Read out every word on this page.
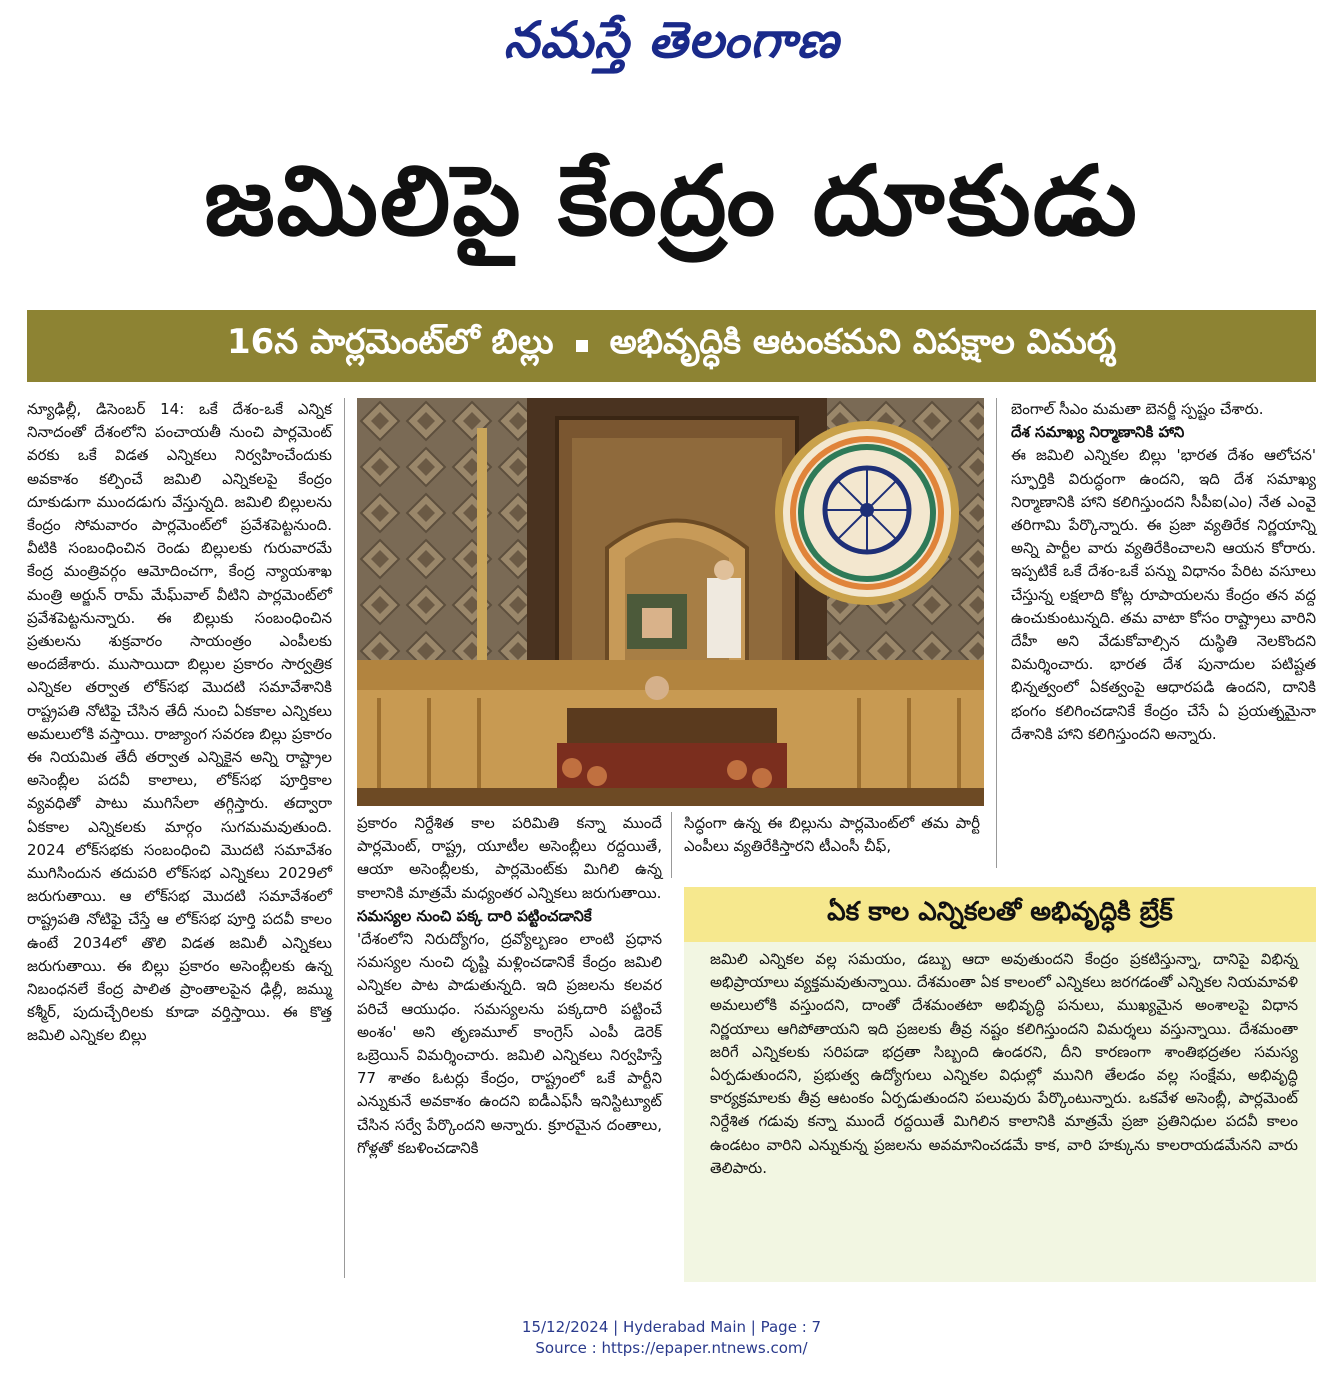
నమస్తే తెలంగాణ
జమిలిపై కేంద్రం దూకుడు
16న పార్లమెంట్‌లో బిల్లు అభివృద్ధికి ఆటంకమని విపక్షాల విమర్శ

న్యూఢిల్లీ, డిసెంబర్ 14: ఒకే దేశం-ఒకే ఎన్నిక నినాదంతో దేశంలోని పంచాయతీ నుంచి పార్లమెంట్ వరకు ఒకే విడత ఎన్నికలు నిర్వహించేందుకు అవకాశం కల్పించే జమిలి ఎన్నికలపై కేంద్రం దూకుడుగా ముందడుగు వేస్తున్నది. జమిలి బిల్లులను కేంద్రం సోమవారం పార్లమెంట్‌లో ప్రవేశపెట్టనుంది. వీటికి సంబంధించిన రెండు బిల్లులకు గురువారమే కేంద్ర మంత్రివర్గం ఆమోదించగా, కేంద్ర న్యాయశాఖ మంత్రి అర్జున్ రామ్ మేఘ్‌వాల్ వీటిని పార్లమెంట్‌లో ప్రవేశపెట్టనున్నారు. ఈ బిల్లుకు సంబంధించిన ప్రతులను శుక్రవారం సాయంత్రం ఎంపీలకు అందజేశారు. ముసాయిదా బిల్లుల ప్రకారం సార్వత్రిక ఎన్నికల తర్వాత లోక్‌సభ మొదటి సమావేశానికి రాష్ట్రపతి నోటిఫై చేసిన తేదీ నుంచి ఏకకాల ఎన్నికలు అమలులోకి వస్తాయి. రాజ్యాంగ సవరణ బిల్లు ప్రకారం ఈ నియమిత తేదీ తర్వాత ఎన్నికైన అన్ని రాష్ట్రాల అసెంబ్లీల పదవీ కాలాలు, లోక్‌సభ పూర్తికాల వ్యవధితో పాటు ముగిసేలా తగ్గిస్తారు. తద్వారా ఏకకాల ఎన్నికలకు మార్గం సుగమమవుతుంది. 2024 లోక్‌సభకు సంబంధించి మొదటి సమావేశం ముగిసిందున తదుపరి లోక్‌సభ ఎన్నికలు 2029లో జరుగుతాయి. ఆ లోక్‌సభ మొదటి సమావేశంలో రాష్ట్రపతి నోటిఫై చేస్తే ఆ లోక్‌సభ పూర్తి పదవీ కాలం ఉంటే 2034లో తొలి విడత జమిలీ ఎన్నికలు జరుగుతాయి. ఈ బిల్లు ప్రకారం అసెంబ్లీలకు ఉన్న నిబంధనలే కేంద్ర పాలిత ప్రాంతాలపైన ఢిల్లీ, జమ్ము కశ్మీర్, పుదుచ్చేరిలకు కూడా వర్తిస్తాయి. ఈ కొత్త జమిలి ఎన్నికల బిల్లు

ప్రకారం నిర్దేశిత కాల పరిమితి కన్నా ముందే పార్లమెంట్, రాష్ట్ర, యూటీల అసెంబ్లీలు రద్దయితే, ఆయా అసెంబ్లీలకు, పార్లమెంట్‌కు మిగిలి ఉన్న కాలానికి మాత్రమే మధ్యంతర ఎన్నికలు జరుగుతాయి.

సమస్యల నుంచి పక్క దారి పట్టించడానికే

'దేశంలోని నిరుద్యోగం, ద్రవ్యోల్బణం లాంటి ప్రధాన సమస్యల నుంచి దృష్టి మళ్లించడానికే కేంద్రం జమిలి ఎన్నికల పాట పాడుతున్నది. ఇది ప్రజలను కలవర పరిచే ఆయుధం. సమస్యలను పక్కదారి పట్టించే అంశం' అని తృణమూల్ కాంగ్రెస్ ఎంపీ డెరెక్ ఒబ్రెయిన్ విమర్శించారు. జమిలి ఎన్నికలు నిర్వహిస్తే 77 శాతం ఓటర్లు కేంద్రం, రాష్ట్రంలో ఒకే పార్టీని ఎన్నుకునే అవకాశం ఉందని ఐడీఎఫ్‌సీ ఇనిస్టిట్యూట్ చేసిన సర్వే పేర్కొందని అన్నారు. క్రూరమైన దంతాలు, గోళ్లతో కబళించడానికి

సిద్ధంగా ఉన్న ఈ బిల్లును పార్లమెంట్‌లో తమ పార్టీ ఎంపీలు వ్యతిరేకిస్తారని టీఎంసీ చీఫ్,

బెంగాల్ సీఎం మమతా బెనర్జీ స్పష్టం చేశారు.

దేశ సమాఖ్య నిర్మాణానికి హాని

ఈ జమిలి ఎన్నికల బిల్లు 'భారత దేశం ఆలోచన' స్ఫూర్తికి విరుద్ధంగా ఉందని, ఇది దేశ సమాఖ్య నిర్మాణానికి హాని కలిగిస్తుందని సీపీఐ(ఎం) నేత ఎంవై తరిగామి పేర్కొన్నారు. ఈ ప్రజా వ్యతిరేక నిర్ణయాన్ని అన్ని పార్టీల వారు వ్యతిరేకించాలని ఆయన కోరారు. ఇప్పటికే ఒకే దేశం-ఒకే పన్ను విధానం పేరిట వసూలు చేస్తున్న లక్షలాది కోట్ల రూపాయలను కేంద్రం తన వద్ద ఉంచుకుంటున్నది. తమ వాటా కోసం రాష్ట్రాలు వారిని దేహీ అని వేడుకోవాల్సిన దుస్థితి నెలకొందని విమర్శించారు. భారత దేశ పునాదుల పటిష్టత భిన్నత్వంలో ఏకత్వంపై ఆధారపడి ఉందని, దానికి భంగం కలిగించడానికే కేంద్రం చేసే ఏ ప్రయత్నమైనా దేశానికి హాని కలిగిస్తుందని అన్నారు.

ఏక కాల ఎన్నికలతో అభివృద్ధికి బ్రేక్
జమిలి ఎన్నికల వల్ల సమయం, డబ్బు ఆదా అవుతుందని కేంద్రం ప్రకటిస్తున్నా, దానిపై విభిన్న అభిప్రాయాలు వ్యక్తమవుతున్నాయి. దేశమంతా ఏక కాలంలో ఎన్నికలు జరగడంతో ఎన్నికల నియమావళి అమలులోకి వస్తుందని, దాంతో దేశమంతటా అభివృద్ధి పనులు, ముఖ్యమైన అంశాలపై విధాన నిర్ణయాలు ఆగిపోతాయని ఇది ప్రజలకు తీవ్ర నష్టం కలిగిస్తుందని విమర్శలు వస్తున్నాయి. దేశమంతా జరిగే ఎన్నికలకు సరిపడా భద్రతా సిబ్బంది ఉండరని, దీని కారణంగా శాంతిభద్రతల సమస్య ఏర్పడుతుందని, ప్రభుత్వ ఉద్యోగులు ఎన్నికల విధుల్లో మునిగి తేలడం వల్ల సంక్షేమ, అభివృద్ధి కార్యక్రమాలకు తీవ్ర ఆటంకం ఏర్పడుతుందని పలువురు పేర్కొంటున్నారు. ఒకవేళ అసెంబ్లీ, పార్లమెంట్ నిర్దేశిత గడువు కన్నా ముందే రద్దయితే మిగిలిన కాలానికి మాత్రమే ప్రజా ప్రతినిధుల పదవీ కాలం ఉండటం వారిని ఎన్నుకున్న ప్రజలను అవమానించడమే కాక, వారి హక్కును కాలరాయడమేనని వారు తెలిపారు.
15/12/2024 | Hyderabad Main | Page : 7
Source : https://epaper.ntnews.com/
